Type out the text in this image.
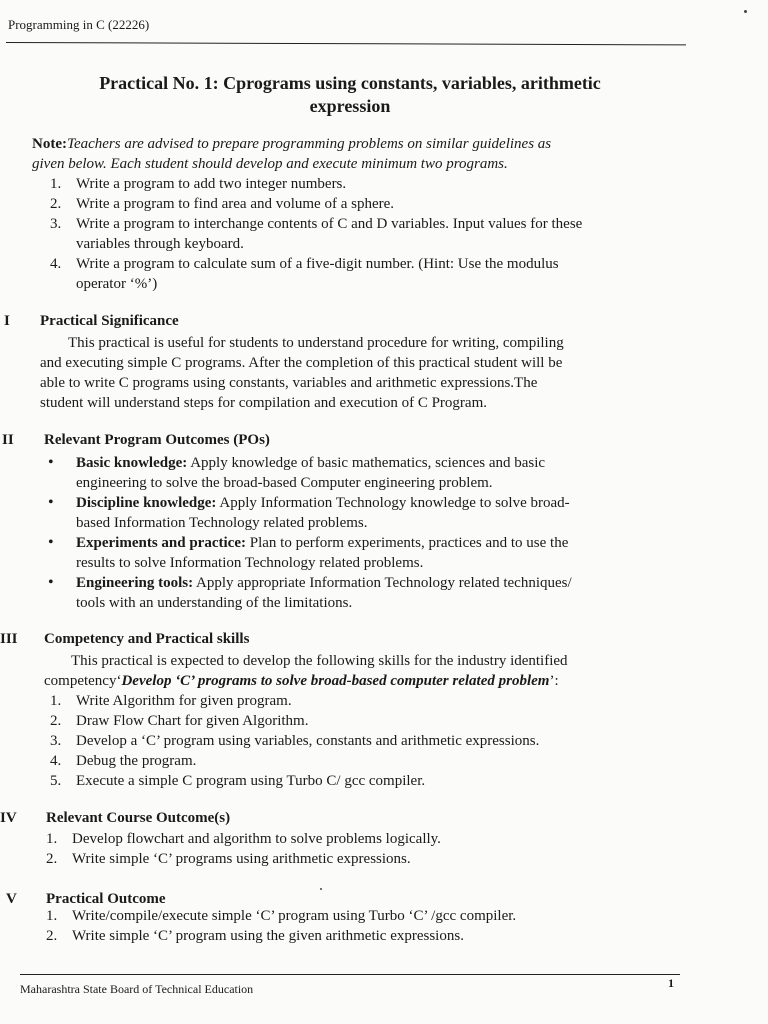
Programming in C (22226)
Practical No. 1: Cprograms using constants, variables, arithmetic
expression
Note:Teachers are advised to prepare programming problems on similar guidelines as
given below. Each student should develop and execute minimum two programs.
1. Write a program to add two integer numbers.
2. Write a program to find area and volume of a sphere.
3. Write a program to interchange contents of C and D variables. Input values for these
variables through keyboard.
4. Write a program to calculate sum of a five-digit number. (Hint: Use the modulus
operator ‘%’)
I Practical Significance
This practical is useful for students to understand procedure for writing, compiling
and executing simple C programs. After the completion of this practical student will be
able to write C programs using constants, variables and arithmetic expressions.The
student will understand steps for compilation and execution of C Program.
II Relevant Program Outcomes (POs)
•	Basic knowledge: Apply knowledge of basic mathematics, sciences and basic
engineering to solve the broad-based Computer engineering problem.
•	Discipline knowledge: Apply Information Technology knowledge to solve broad-
based Information Technology related problems.
•	Experiments and practice: Plan to perform experiments, practices and to use the
results to solve Information Technology related problems.
•	Engineering tools: Apply appropriate Information Technology related techniques/
tools with an understanding of the limitations.
III Competency and Practical skills
This practical is expected to develop the following skills for the industry identified
competency‘Develop ‘C’ programs to solve broad-based computer related problem’:
1. Write Algorithm for given program.
2. Draw Flow Chart for given Algorithm.
3. Develop a ‘C’ program using variables, constants and arithmetic expressions.
4. Debug the program.
5. Execute a simple C program using Turbo C/ gcc compiler.
IV Relevant Course Outcome(s)
1. Develop flowchart and algorithm to solve problems logically.
2. Write simple ‘C’ programs using arithmetic expressions.
V Practical Outcome
1. Write/compile/execute simple ‘C’ program using Turbo ‘C’ /gcc compiler.
2. Write simple ‘C’ program using the given arithmetic expressions.
1
Maharashtra State Board of Technical Education
